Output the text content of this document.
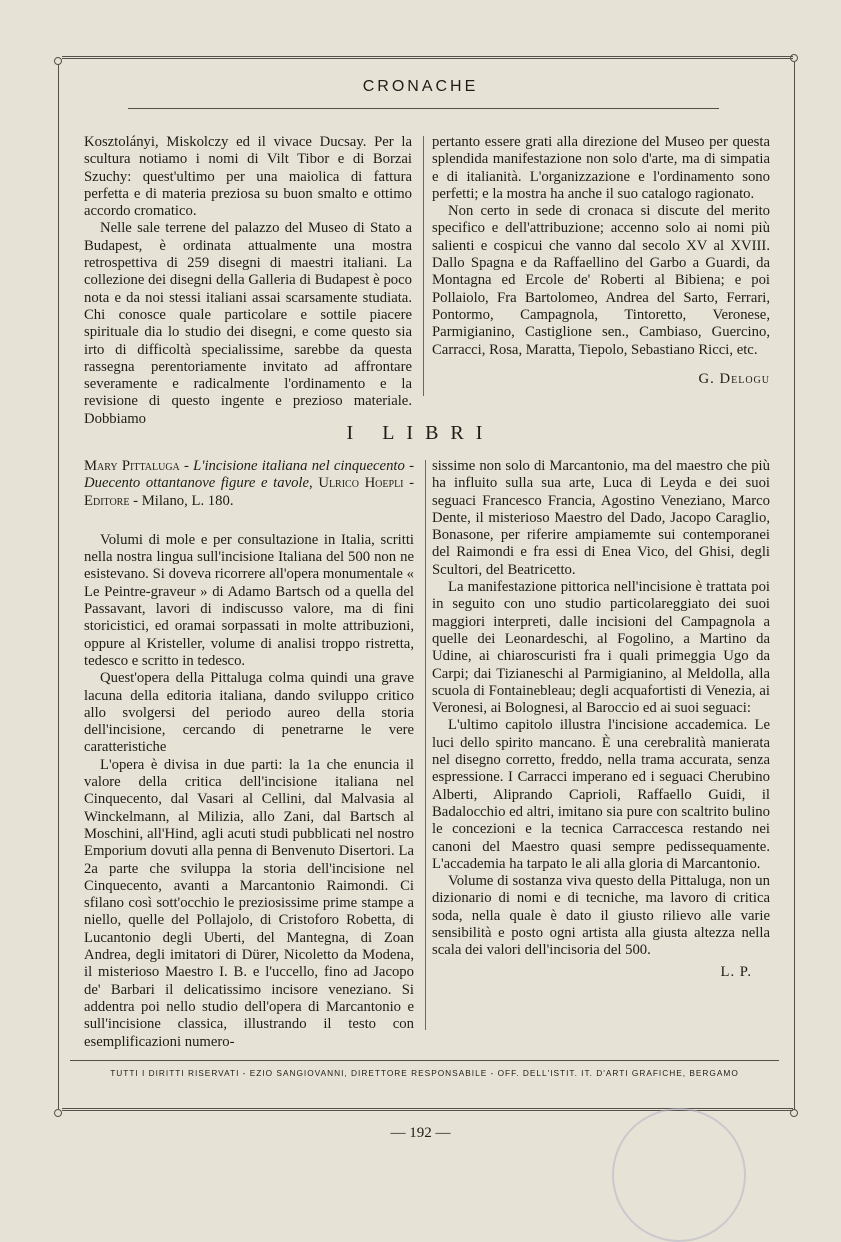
CRONACHE

Kosztolányi, Miskolczy ed il vivace Ducsay. Per la scultura notiamo i nomi di Vilt Tibor e di Borzai Szuchy: quest'ultimo per una maiolica di fattura perfetta e di materia preziosa su buon smalto e ottimo accordo cromatico.

Nelle sale terrene del palazzo del Museo di Stato a Budapest, è ordinata attualmente una mostra retrospettiva di 259 disegni di maestri italiani. La collezione dei disegni della Galleria di Budapest è poco nota e da noi stessi italiani assai scarsamente studiata. Chi conosce quale particolare e sottile piacere spirituale dia lo studio dei disegni, e come questo sia irto di difficoltà specialissime, sarebbe da questa rassegna perentoriamente invitato ad affrontare severamente e radicalmente l'ordinamento e la revisione di questo ingente e prezioso materiale. Dobbiamo

pertanto essere grati alla direzione del Museo per questa splendida manifestazione non solo d'arte, ma di simpatia e di italianità. L'organizzazione e l'ordinamento sono perfetti; e la mostra ha anche il suo catalogo ragionato.

Non certo in sede di cronaca si discute del merito specifico e dell'attribuzione; accenno solo ai nomi più salienti e cospicui che vanno dal secolo XV al XVIII. Dallo Spagna e da Raffaellino del Garbo a Guardi, da Montagna ed Ercole de' Roberti al Bibiena; e poi Pollaiolo, Fra Bartolomeo, Andrea del Sarto, Ferrari, Pontormo, Campagnola, Tintoretto, Veronese, Parmigianino, Castiglione sen., Cambiaso, Guercino, Carracci, Rosa, Maratta, Tiepolo, Sebastiano Ricci, etc.

G. Delogu
I LIBRI
Mary Pittaluga - L'incisione italiana nel cinquecento - Duecento ottantanove figure e tavole, Ulrico Hoepli - Editore - Milano, L. 180.

Volumi di mole e per consultazione in Italia, scritti nella nostra lingua sull'incisione Italiana del 500 non ne esistevano. Si doveva ricorrere all'opera monumentale « Le Peintre-graveur » di Adamo Bartsch od a quella del Passavant, lavori di indiscusso valore, ma di fini storicistici, ed oramai sorpassati in molte attribuzioni, oppure al Kristeller, volume di analisi troppo ristretta, tedesco e scritto in tedesco.

Quest'opera della Pittaluga colma quindi una grave lacuna della editoria italiana, dando sviluppo critico allo svolgersi del periodo aureo della storia dell'incisione, cercando di penetrarne le vere caratteristiche

L'opera è divisa in due parti: la 1a che enuncia il valore della critica dell'incisione italiana nel Cinquecento, dal Vasari al Cellini, dal Malvasia al Winckelmann, al Milizia, allo Zani, dal Bartsch al Moschini, all'Hind, agli acuti studi pubblicati nel nostro Emporium dovuti alla penna di Benvenuto Disertori. La 2a parte che sviluppa la storia dell'incisione nel Cinquecento, avanti a Marcantonio Raimondi. Ci sfilano così sott'occhio le preziosissime prime stampe a niello, quelle del Pollajolo, di Cristoforo Robetta, di Lucantonio degli Uberti, del Mantegna, di Zoan Andrea, degli imitatori di Dürer, Nicoletto da Modena, il misterioso Maestro I. B. e l'uccello, fino ad Jacopo de' Barbari il delicatissimo incisore veneziano. Si addentra poi nello studio dell'opera di Marcantonio e sull'incisione classica, illustrando il testo con esemplificazioni numero-

sissime non solo di Marcantonio, ma del maestro che più ha influito sulla sua arte, Luca di Leyda e dei suoi seguaci Francesco Francia, Agostino Veneziano, Marco Dente, il misterioso Maestro del Dado, Jacopo Caraglio, Bonasone, per riferire ampiamemte sui contemporanei del Raimondi e fra essi di Enea Vico, del Ghisi, degli Scultori, del Beatricetto.

La manifestazione pittorica nell'incisione è trattata poi in seguito con uno studio particolareggiato dei suoi maggiori interpreti, dalle incisioni del Campagnola a quelle dei Leonardeschi, al Fogolino, a Martino da Udine, ai chiaroscuristi fra i quali primeggia Ugo da Carpi; dai Tizianeschi al Parmigianino, al Meldolla, alla scuola di Fontainebleau; degli acquafortisti di Venezia, ai Veronesi, ai Bolognesi, al Baroccio ed ai suoi seguaci:

L'ultimo capitolo illustra l'incisione accademica. Le luci dello spirito mancano. È una cerebralità manierata nel disegno corretto, freddo, nella trama accurata, senza espressione. I Carracci imperano ed i seguaci Cherubino Alberti, Aliprando Caprioli, Raffaello Guidi, il Badalocchio ed altri, imitano sia pure con scaltrito bulino le concezioni e la tecnica Carraccesca restando nei canoni del Maestro quasi sempre pedissequamente. L'accademia ha tarpato le ali alla gloria di Marcantonio.

Volume di sostanza viva questo della Pittaluga, non un dizionario di nomi e di tecniche, ma lavoro di critica soda, nella quale è dato il giusto rilievo alle varie sensibilità e posto ogni artista alla giusta altezza nella scala dei valori dell'incisoria del 500.

L. P.
TUTTI I DIRITTI RISERVATI - EZIO SANGIOVANNI, DIRETTORE RESPONSABILE - OFF. DELL'ISTIT. IT. D'ARTI GRAFICHE, BERGAMO
— 192 —
